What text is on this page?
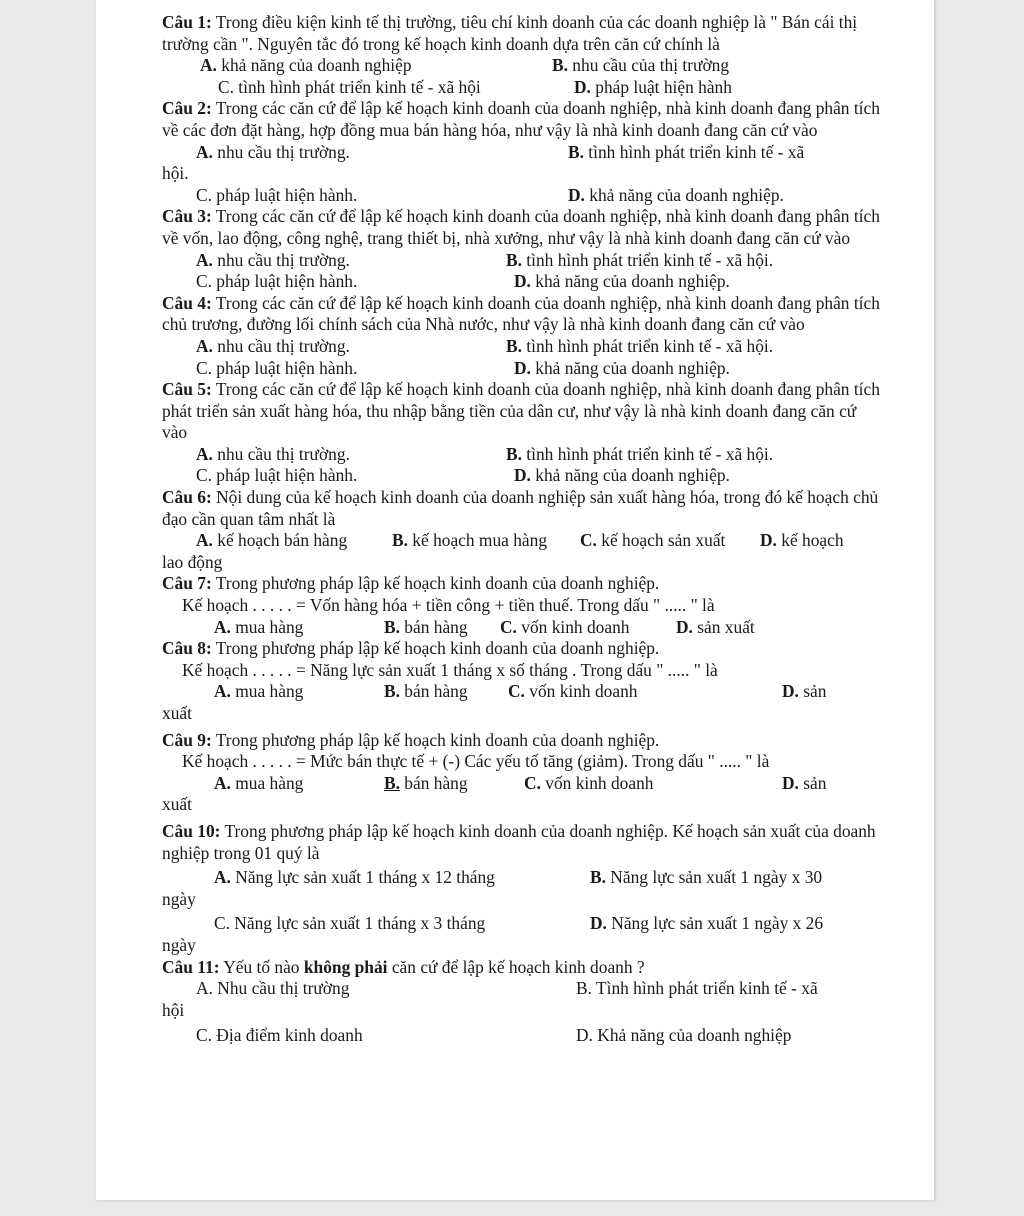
Câu 1: Trong điều kiện kinh tế thị trường, tiêu chí kinh doanh của các doanh nghiệp là " Bán cái thị trường cần ". Nguyên tắc đó trong kế hoạch kinh doanh dựa trên căn cứ chính là

A. khả năng của doanh nghiệp	B. nhu cầu của thị trường
C. tình hình phát triển kinh tế - xã hội	D. pháp luật hiện hành

Câu 2: Trong các căn cứ để lập kế hoạch kinh doanh của doanh nghiệp, nhà kinh doanh đang phân tích về các đơn đặt hàng, hợp đồng mua bán hàng hóa, như vậy là nhà kinh doanh đang căn cứ vào

A. nhu cầu thị trường.	B. tình hình phát triển kinh tế - xã
hội.
C. pháp luật hiện hành.	D. khả năng của doanh nghiệp.

Câu 3: Trong các căn cứ để lập kế hoạch kinh doanh của doanh nghiệp, nhà kinh doanh đang phân tích về vốn, lao động, công nghệ, trang thiết bị, nhà xưởng, như vậy là nhà kinh doanh đang căn cứ vào

A. nhu cầu thị trường.	B. tình hình phát triển kinh tế - xã hội.
C. pháp luật hiện hành.	D. khả năng của doanh nghiệp.

Câu 4: Trong các căn cứ để lập kế hoạch kinh doanh của doanh nghiệp, nhà kinh doanh đang phân tích chủ trương, đường lối chính sách của Nhà nước, như vậy là nhà kinh doanh đang căn cứ vào

A. nhu cầu thị trường.	B. tình hình phát triển kinh tế - xã hội.
C. pháp luật hiện hành.	D. khả năng của doanh nghiệp.

Câu 5: Trong các căn cứ để lập kế hoạch kinh doanh của doanh nghiệp, nhà kinh doanh đang phân tích phát triển sản xuất hàng hóa, thu nhập bằng tiền của dân cư, như vậy là nhà kinh doanh đang căn cứ vào

A. nhu cầu thị trường.	B. tình hình phát triển kinh tế - xã hội.
C. pháp luật hiện hành.	D. khả năng của doanh nghiệp.

Câu 6: Nội dung của kế hoạch kinh doanh của doanh nghiệp sản xuất hàng hóa, trong đó kế hoạch chủ đạo cần quan tâm nhất là

A. kế hoạch bán hàng	B. kế hoạch mua hàng	C. kế hoạch sản xuất	D. kế hoạch
lao động

Câu 7: Trong phương pháp lập kế hoạch kinh doanh của doanh nghiệp.

Kế hoạch . . . . . = Vốn hàng hóa + tiền công + tiền thuế. Trong dấu " ..... " là
A. mua hàng	B. bán hàng	C. vốn kinh doanh	D. sản xuất

Câu 8: Trong phương pháp lập kế hoạch kinh doanh của doanh nghiệp.

Kế hoạch . . . . . = Năng lực sản xuất 1 tháng x số tháng . Trong dấu " ..... " là
A. mua hàng	B. bán hàng	C. vốn kinh doanh	D. sản
xuất

Câu 9: Trong phương pháp lập kế hoạch kinh doanh của doanh nghiệp.

Kế hoạch . . . . . = Mức bán thực tế + (-) Các yếu tố tăng (giảm). Trong dấu " ..... " là
A. mua hàng	B. bán hàng	C. vốn kinh doanh	D. sản
xuất

Câu 10: Trong phương pháp lập kế hoạch kinh doanh của doanh nghiệp. Kế hoạch sản xuất của doanh nghiệp trong 01 quý là

A. Năng lực sản xuất 1 tháng x 12 tháng	B. Năng lực sản xuất 1 ngày x 30
ngày
C. Năng lực sản xuất 1 tháng x 3 tháng	D. Năng lực sản xuất 1 ngày x 26
ngày

Câu 11: Yếu tố nào không phải căn cứ để lập kế hoạch kinh doanh ?

A. Nhu cầu thị trường	B. Tình hình phát triển kinh tế - xã
hội
C. Địa điểm kinh doanh	D. Khả năng của doanh nghiệp
